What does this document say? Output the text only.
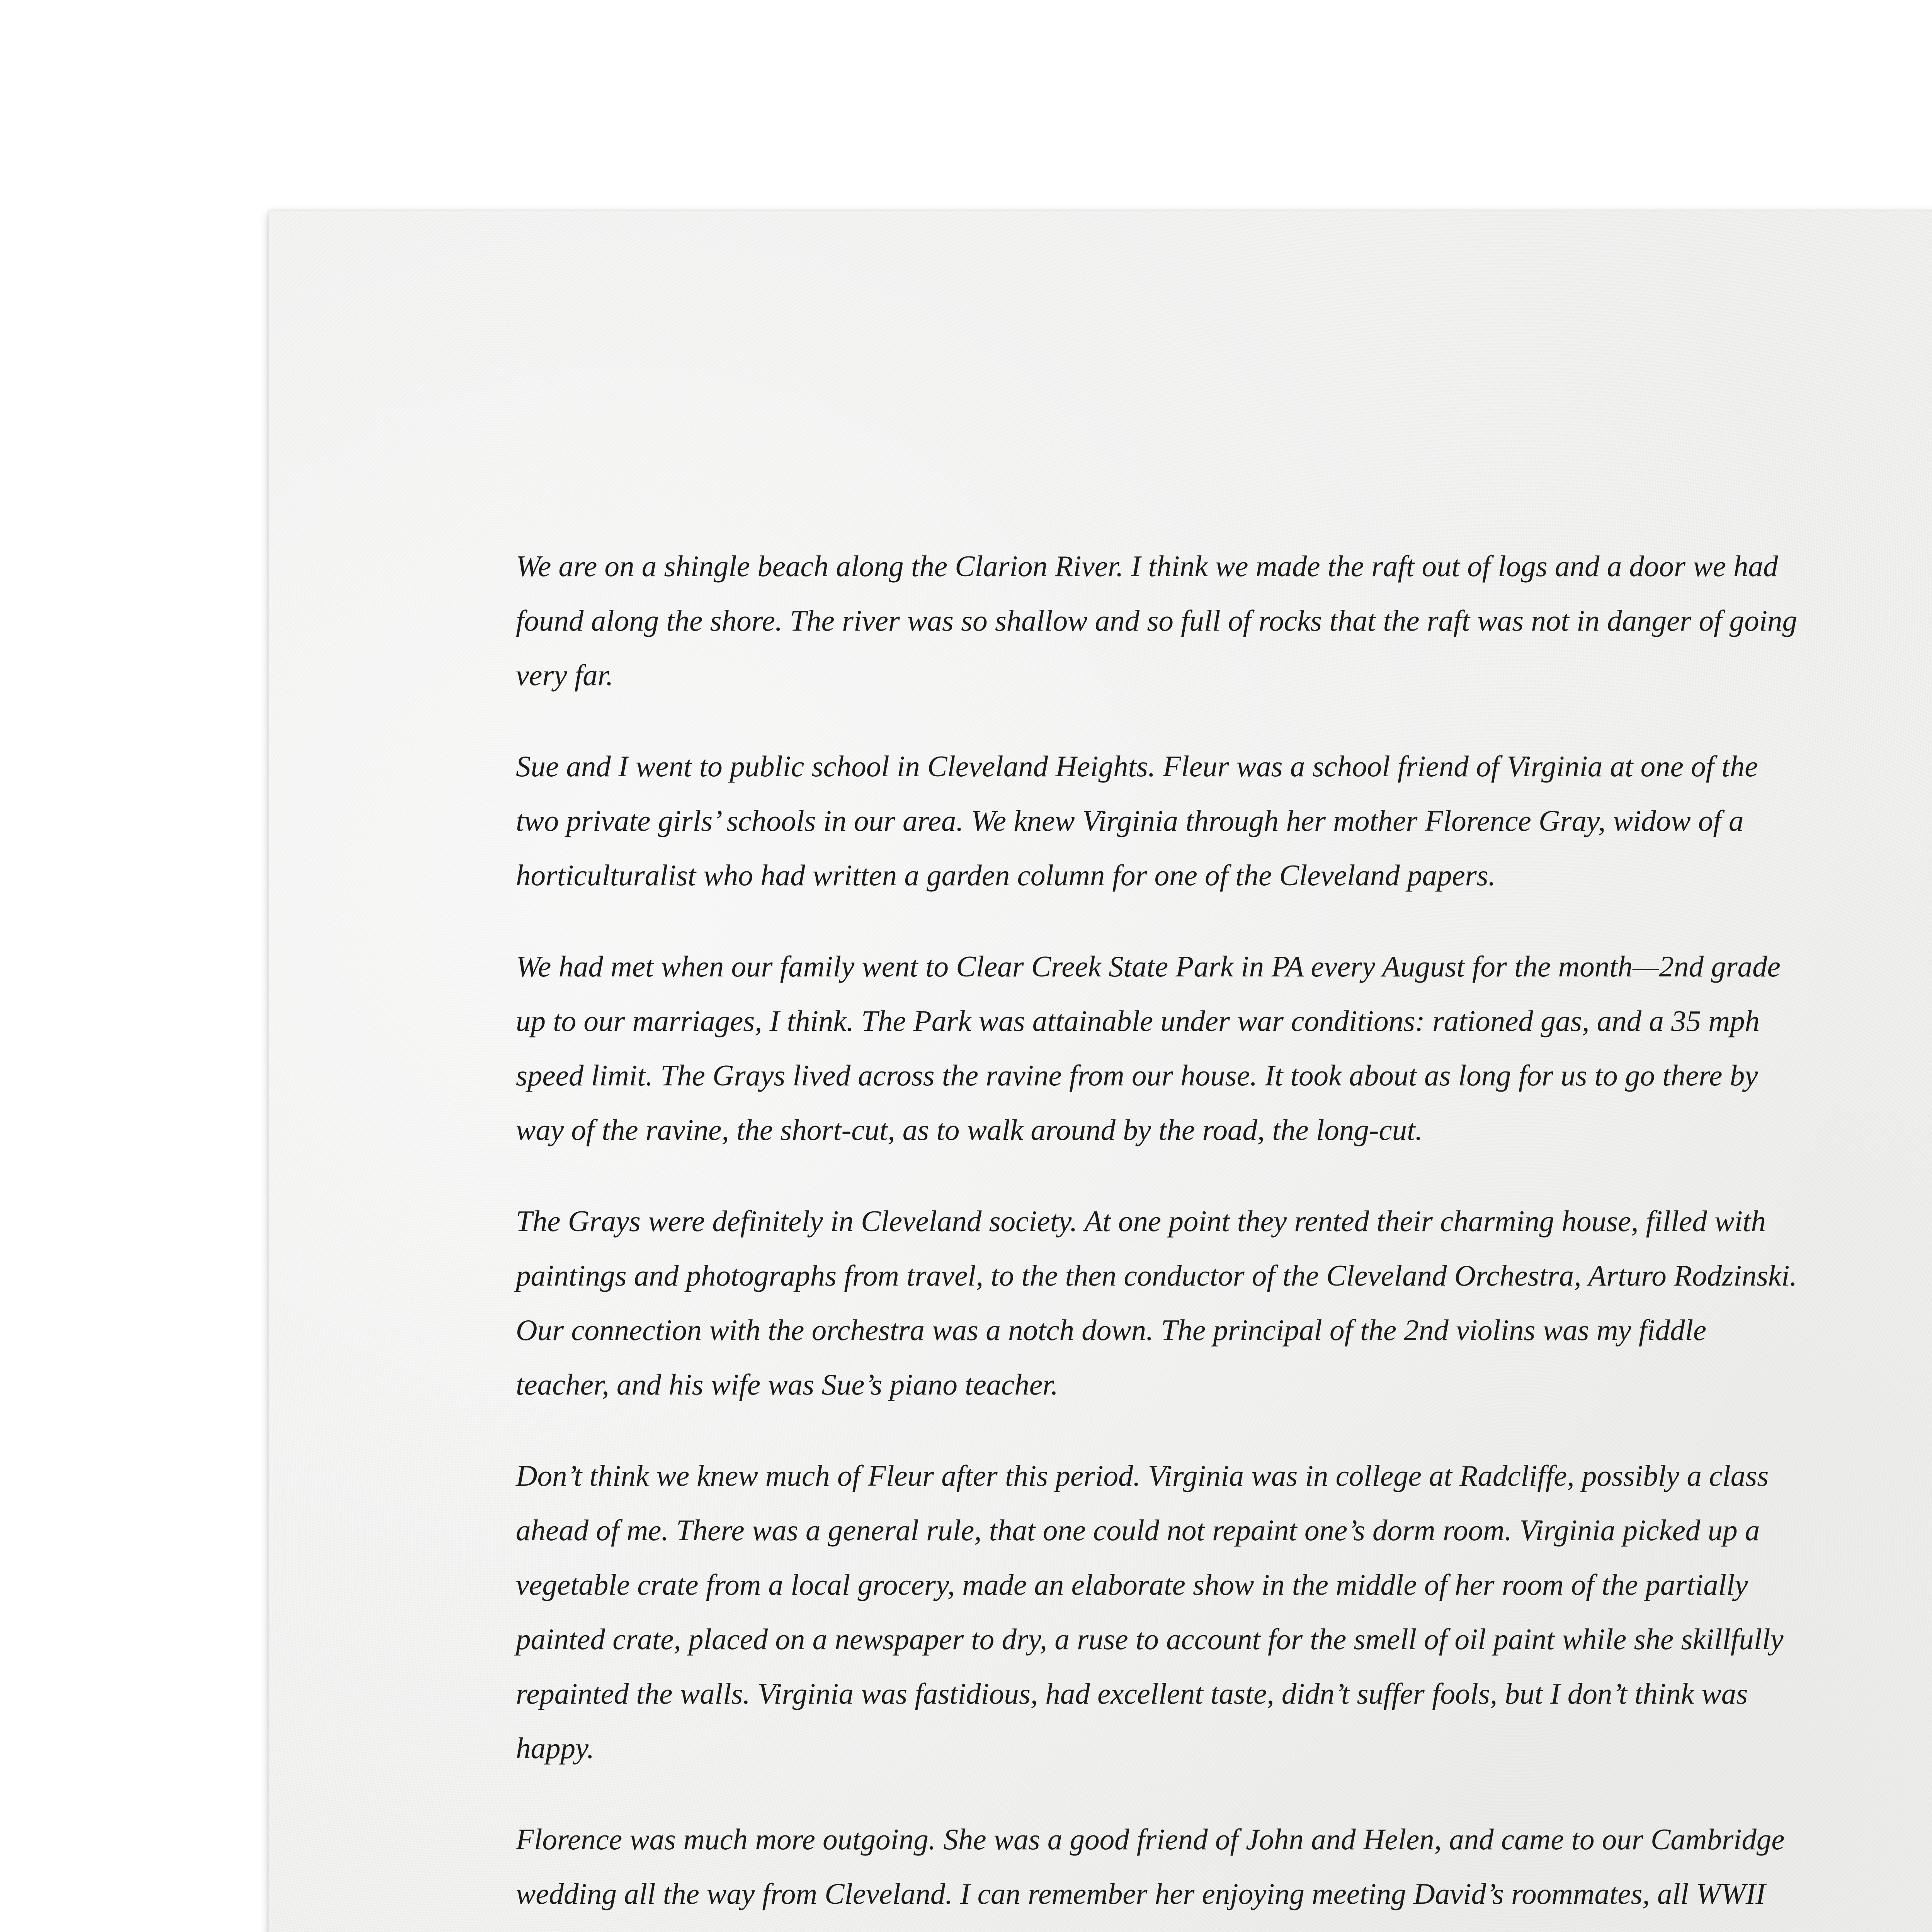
We are on a shingle beach along the Clarion River. I think we made the raft out of logs and a door we had found along the shore. The river was so shallow and so full of rocks that the raft was not in danger of going very far.

Sue and I went to public school in Cleveland Heights. Fleur was a school friend of Virginia at one of the two private girls’ schools in our area. We knew Virginia through her mother Florence Gray, widow of a horticulturalist who had written a garden column for one of the Cleveland papers.

We had met when our family went to Clear Creek State Park in PA every August for the month—2nd grade up to our marriages, I think. The Park was attainable under war conditions: rationed gas, and a 35 mph speed limit. The Grays lived across the ravine from our house. It took about as long for us to go there by way of the ravine, the short-cut, as to walk around by the road, the long-cut.

The Grays were definitely in Cleveland society. At one point they rented their charming house, filled with paintings and photographs from travel, to the then conductor of the Cleveland Orchestra, Arturo Rodzinski. Our connection with the orchestra was a notch down. The principal of the 2nd violins was my fiddle teacher, and his wife was Sue’s piano teacher.

Don’t think we knew much of Fleur after this period. Virginia was in college at Radcliffe, possibly a class ahead of me. There was a general rule, that one could not repaint one’s dorm room. Virginia picked up a vegetable crate from a local grocery, made an elaborate show in the middle of her room of the partially painted crate, placed on a newspaper to dry, a ruse to account for the smell of oil paint while she skillfully repainted the walls. Virginia was fastidious, had excellent taste, didn’t suffer fools, but I don’t think was happy.

Florence was much more outgoing. She was a good friend of John and Helen, and came to our Cambridge wedding all the way from Cleveland. I can remember her enjoying meeting David’s roommates, all WWII
